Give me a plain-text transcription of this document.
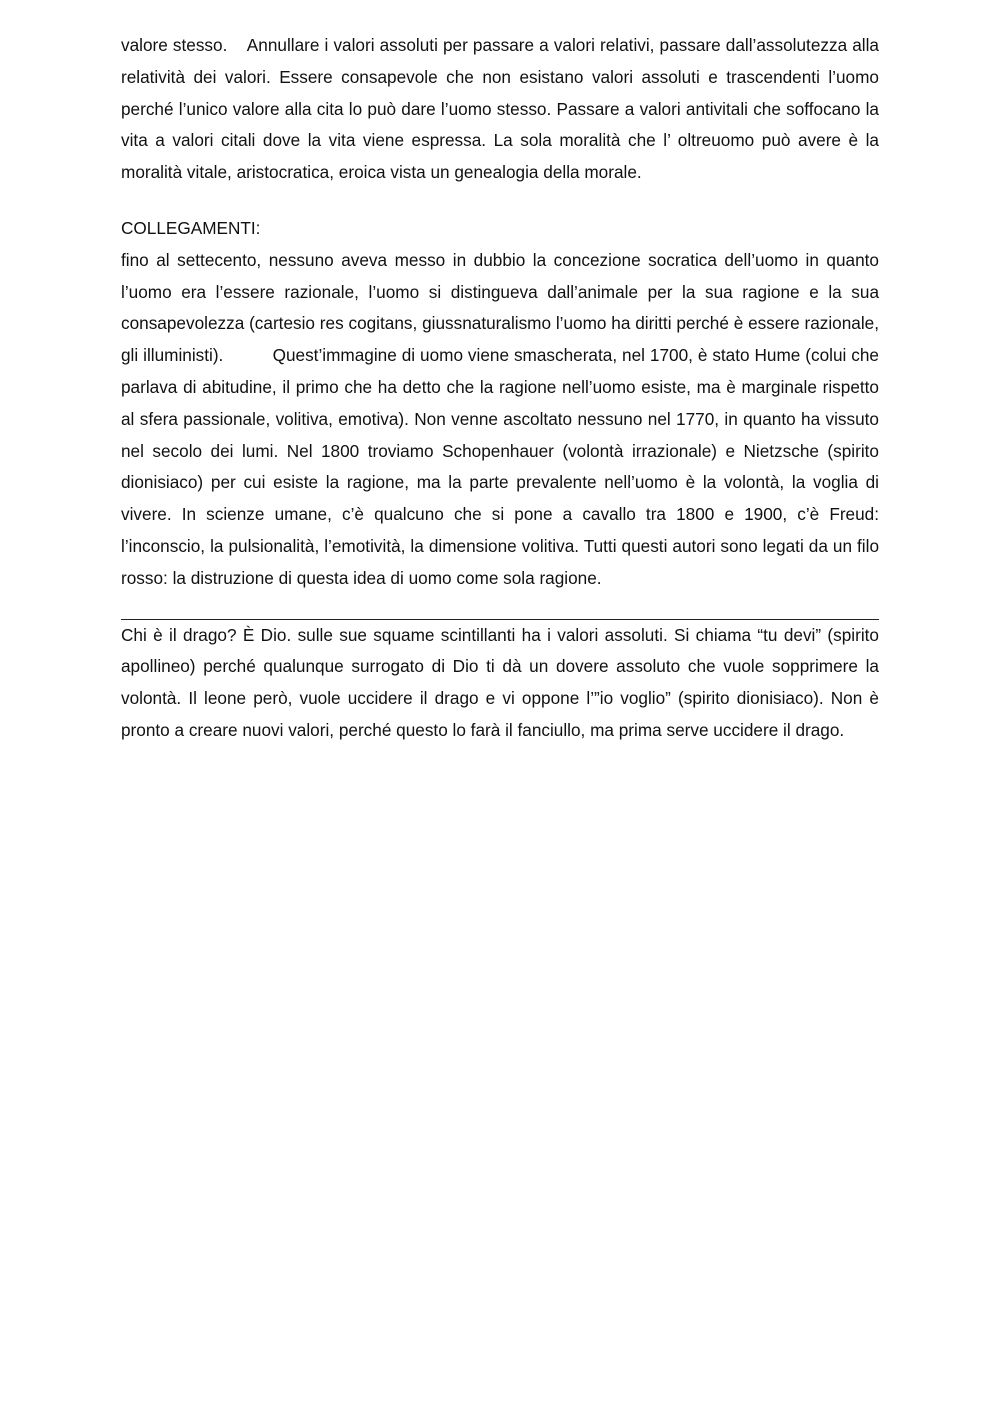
valore stesso.    Annullare i valori assoluti per passare a valori relativi, passare dall’assolutezza alla relatività dei valori. Essere consapevole che non esistano valori assoluti e trascendenti l’uomo perché l’unico valore alla cita lo può dare l’uomo stesso. Passare a valori antivitali che soffocano la vita a valori citali dove la vita viene espressa. La sola moralità che l’ oltreuomo può avere è la moralità vitale, aristocratica, eroica vista un genealogia della morale.

COLLEGAMENTI:

fino al settecento, nessuno aveva messo in dubbio la concezione socratica dell’uomo in quanto l’uomo era l’essere razionale, l’uomo si distingueva dall’animale per la sua ragione e la sua consapevolezza (cartesio res cogitans, giussnaturalismo l’uomo ha diritti perché è essere razionale, gli illuministi).          Quest’immagine di uomo viene smascherata, nel 1700, è stato Hume (colui che parlava di abitudine, il primo che ha detto che la ragione nell’uomo esiste, ma è marginale rispetto al sfera passionale, volitiva, emotiva). Non venne ascoltato nessuno nel 1770, in quanto ha vissuto nel secolo dei lumi. Nel 1800 troviamo Schopenhauer (volontà irrazionale) e Nietzsche (spirito dionisiaco) per cui esiste la ragione, ma la parte prevalente nell’uomo è la volontà, la voglia di vivere. In scienze umane, c’è qualcuno che si pone a cavallo tra 1800 e 1900, c’è Freud: l’inconscio, la pulsionalità, l’emotività, la dimensione volitiva. Tutti questi autori sono legati da un filo rosso: la distruzione di questa idea di uomo come sola ragione.

Chi è il drago? È Dio. sulle sue squame scintillanti ha i valori assoluti. Si chiama “tu devi” (spirito apollineo) perché qualunque surrogato di Dio ti dà un dovere assoluto che vuole sopprimere la volontà. Il leone però, vuole uccidere il drago e vi oppone l’”io voglio” (spirito dionisiaco). Non è pronto a creare nuovi valori, perché questo lo farà il fanciullo, ma prima serve uccidere il drago.
